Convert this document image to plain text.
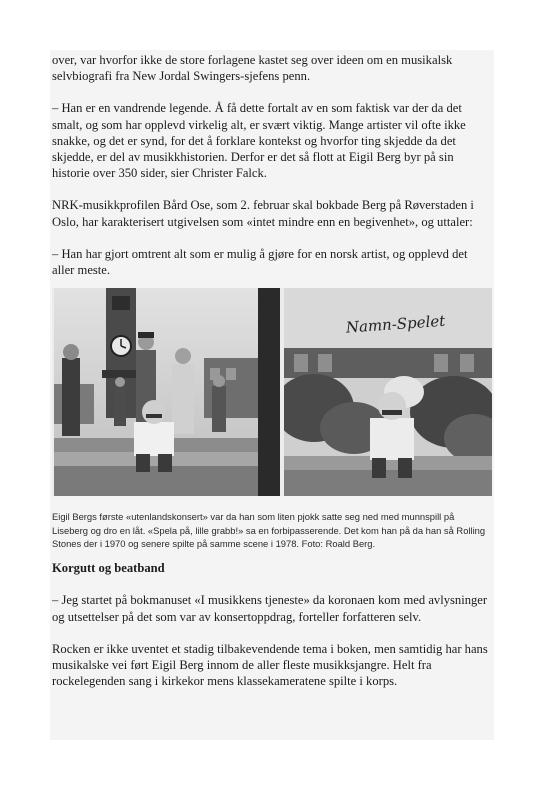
over, var hvorfor ikke de store forlagene kastet seg over ideen om en musikalsk selvbiografi fra New Jordal Swingers-sjefens penn.

– Han er en vandrende legende. Å få dette fortalt av en som faktisk var der da det smalt, og som har opplevd virkelig alt, er svært viktig. Mange artister vil ofte ikke snakke, og det er synd, for det å forklare kontekst og hvorfor ting skjedde da det skjedde, er del av musikkhistorien. Derfor er det så flott at Eigil Berg byr på sin historie over 350 sider, sier Christer Falck.

NRK-musikkprofilen Bård Ose, som 2. februar skal bokbade Berg på Røverstaden i Oslo, har karakterisert utgivelsen som «intet mindre enn en begivenhet», og uttaler:

– Han har gjort omtrent alt som er mulig å gjøre for en norsk artist, og opplevd det aller meste.

Namn-Spelet

Eigil Bergs første «utenlandskonsert» var da han som liten pjokk satte seg ned med munnspill på Liseberg og dro en låt. «Spela på, lille grabb!» sa en forbipasserende. Det kom han på da han så Rolling Stones der i 1970 og senere spilte på samme scene i 1978. Foto: Roald Berg.

Korgutt og beatband

– Jeg startet på bokmanuset «I musikkens tjeneste» da koronaen kom med avlysninger og utsettelser på det som var av konsertoppdrag, forteller forfatteren selv.

Rocken er ikke uventet et stadig tilbakevendende tema i boken, men samtidig har hans musikalske vei ført Eigil Berg innom de aller fleste musikksjangre. Helt fra rockelegenden sang i kirkekor mens klassekameratene spilte i korps.
